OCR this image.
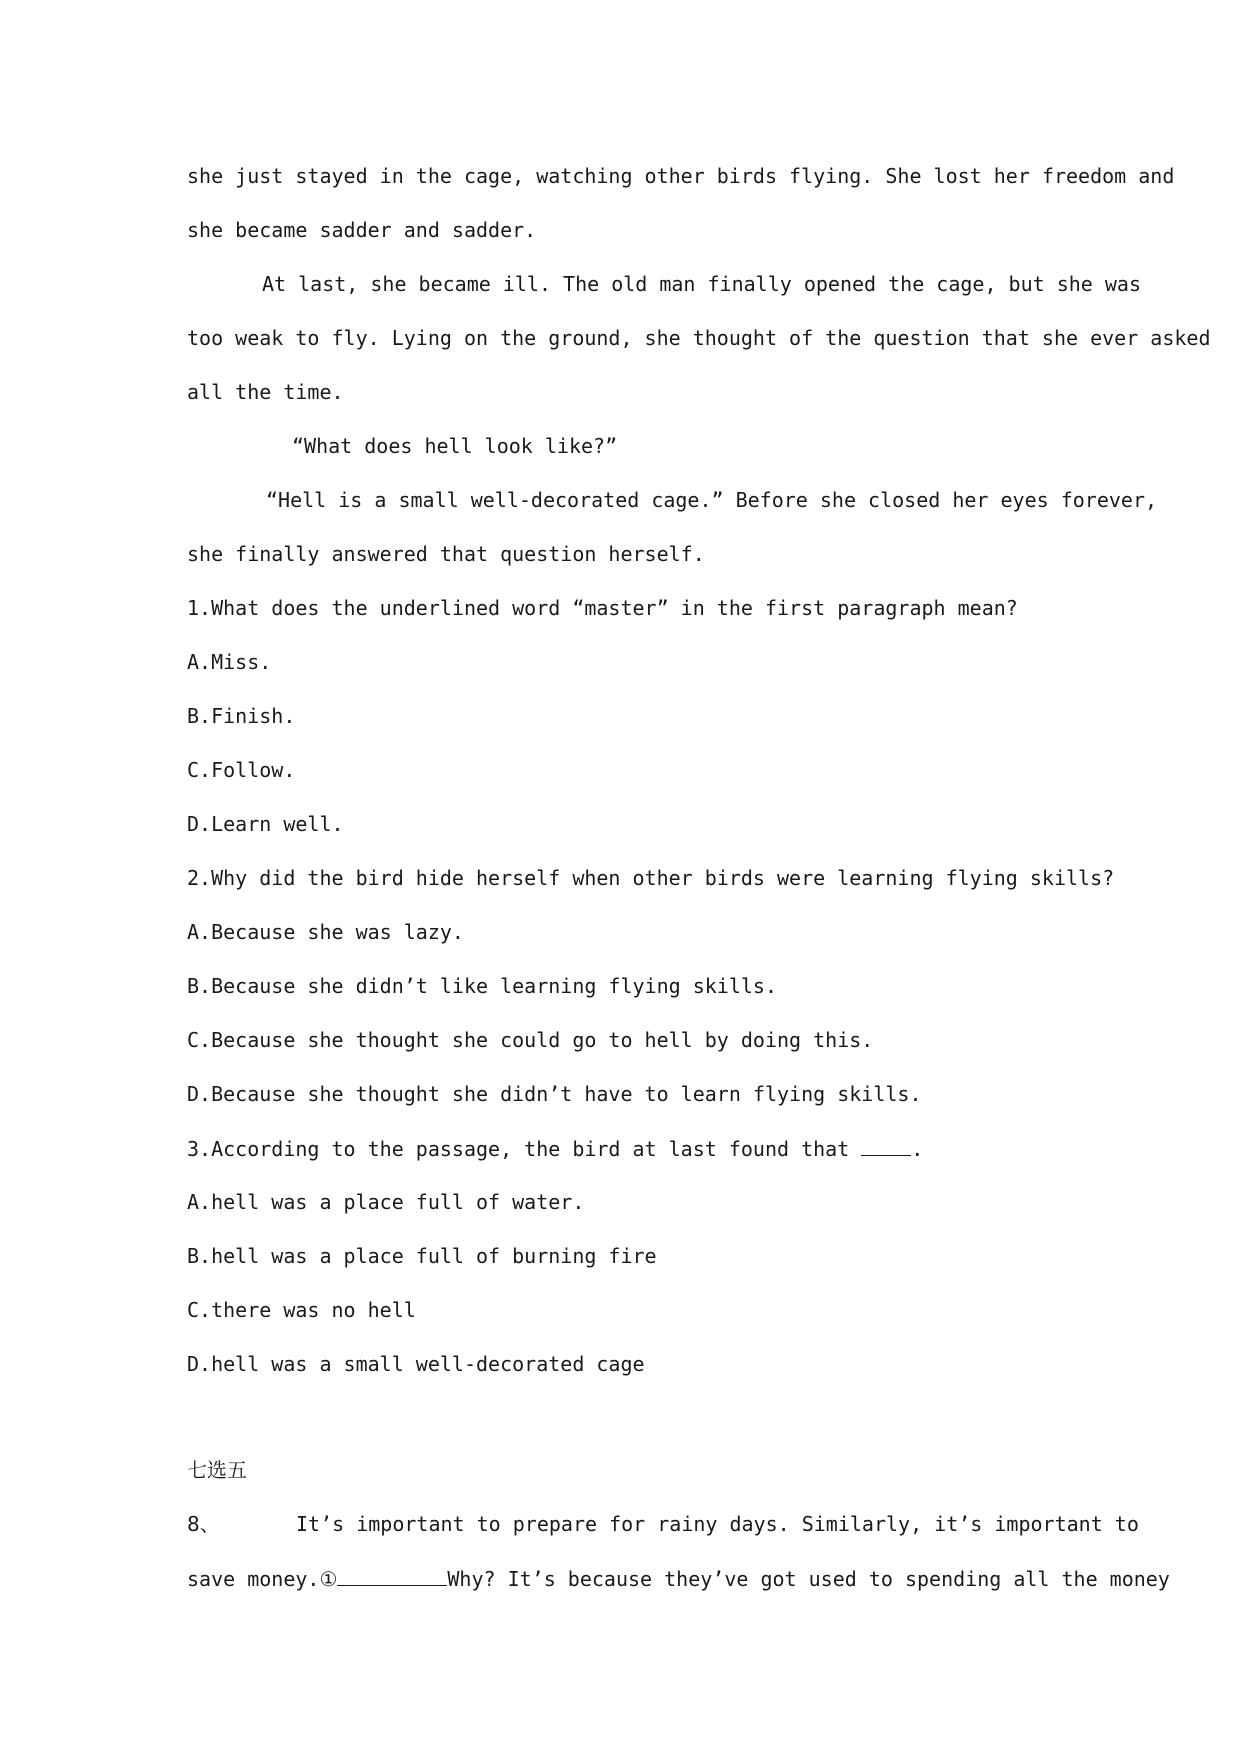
she just stayed in the cage, watching other birds flying. She lost her freedom and
she became sadder and sadder.
At last, she became ill. The old man finally opened the cage, but she was
too weak to fly. Lying on the ground, she thought of the question that she ever asked
all the time.
“What does hell look like?”
“Hell is a small well-decorated cage.” Before she closed her eyes forever,
she finally answered that question herself.
1.What does the underlined word “master” in the first paragraph mean?
A.Miss.
B.Finish.
C.Follow.
D.Learn well.
2.Why did the bird hide herself when other birds were learning flying skills?
A.Because she was lazy.
B.Because she didn’t like learning flying skills.
C.Because she thought she could go to hell by doing this.
D.Because she thought she didn’t have to learn flying skills.
3.According to the passage, the bird at last found that	.
A.hell was a place full of water.
B.hell was a place full of burning fire
C.there was no hell
D.hell was a small well-decorated cage
七选五
8、	It’s important to prepare for rainy days. Similarly, it’s important to
save money.①	Why? It’s because they’ve got used to spending all the money
